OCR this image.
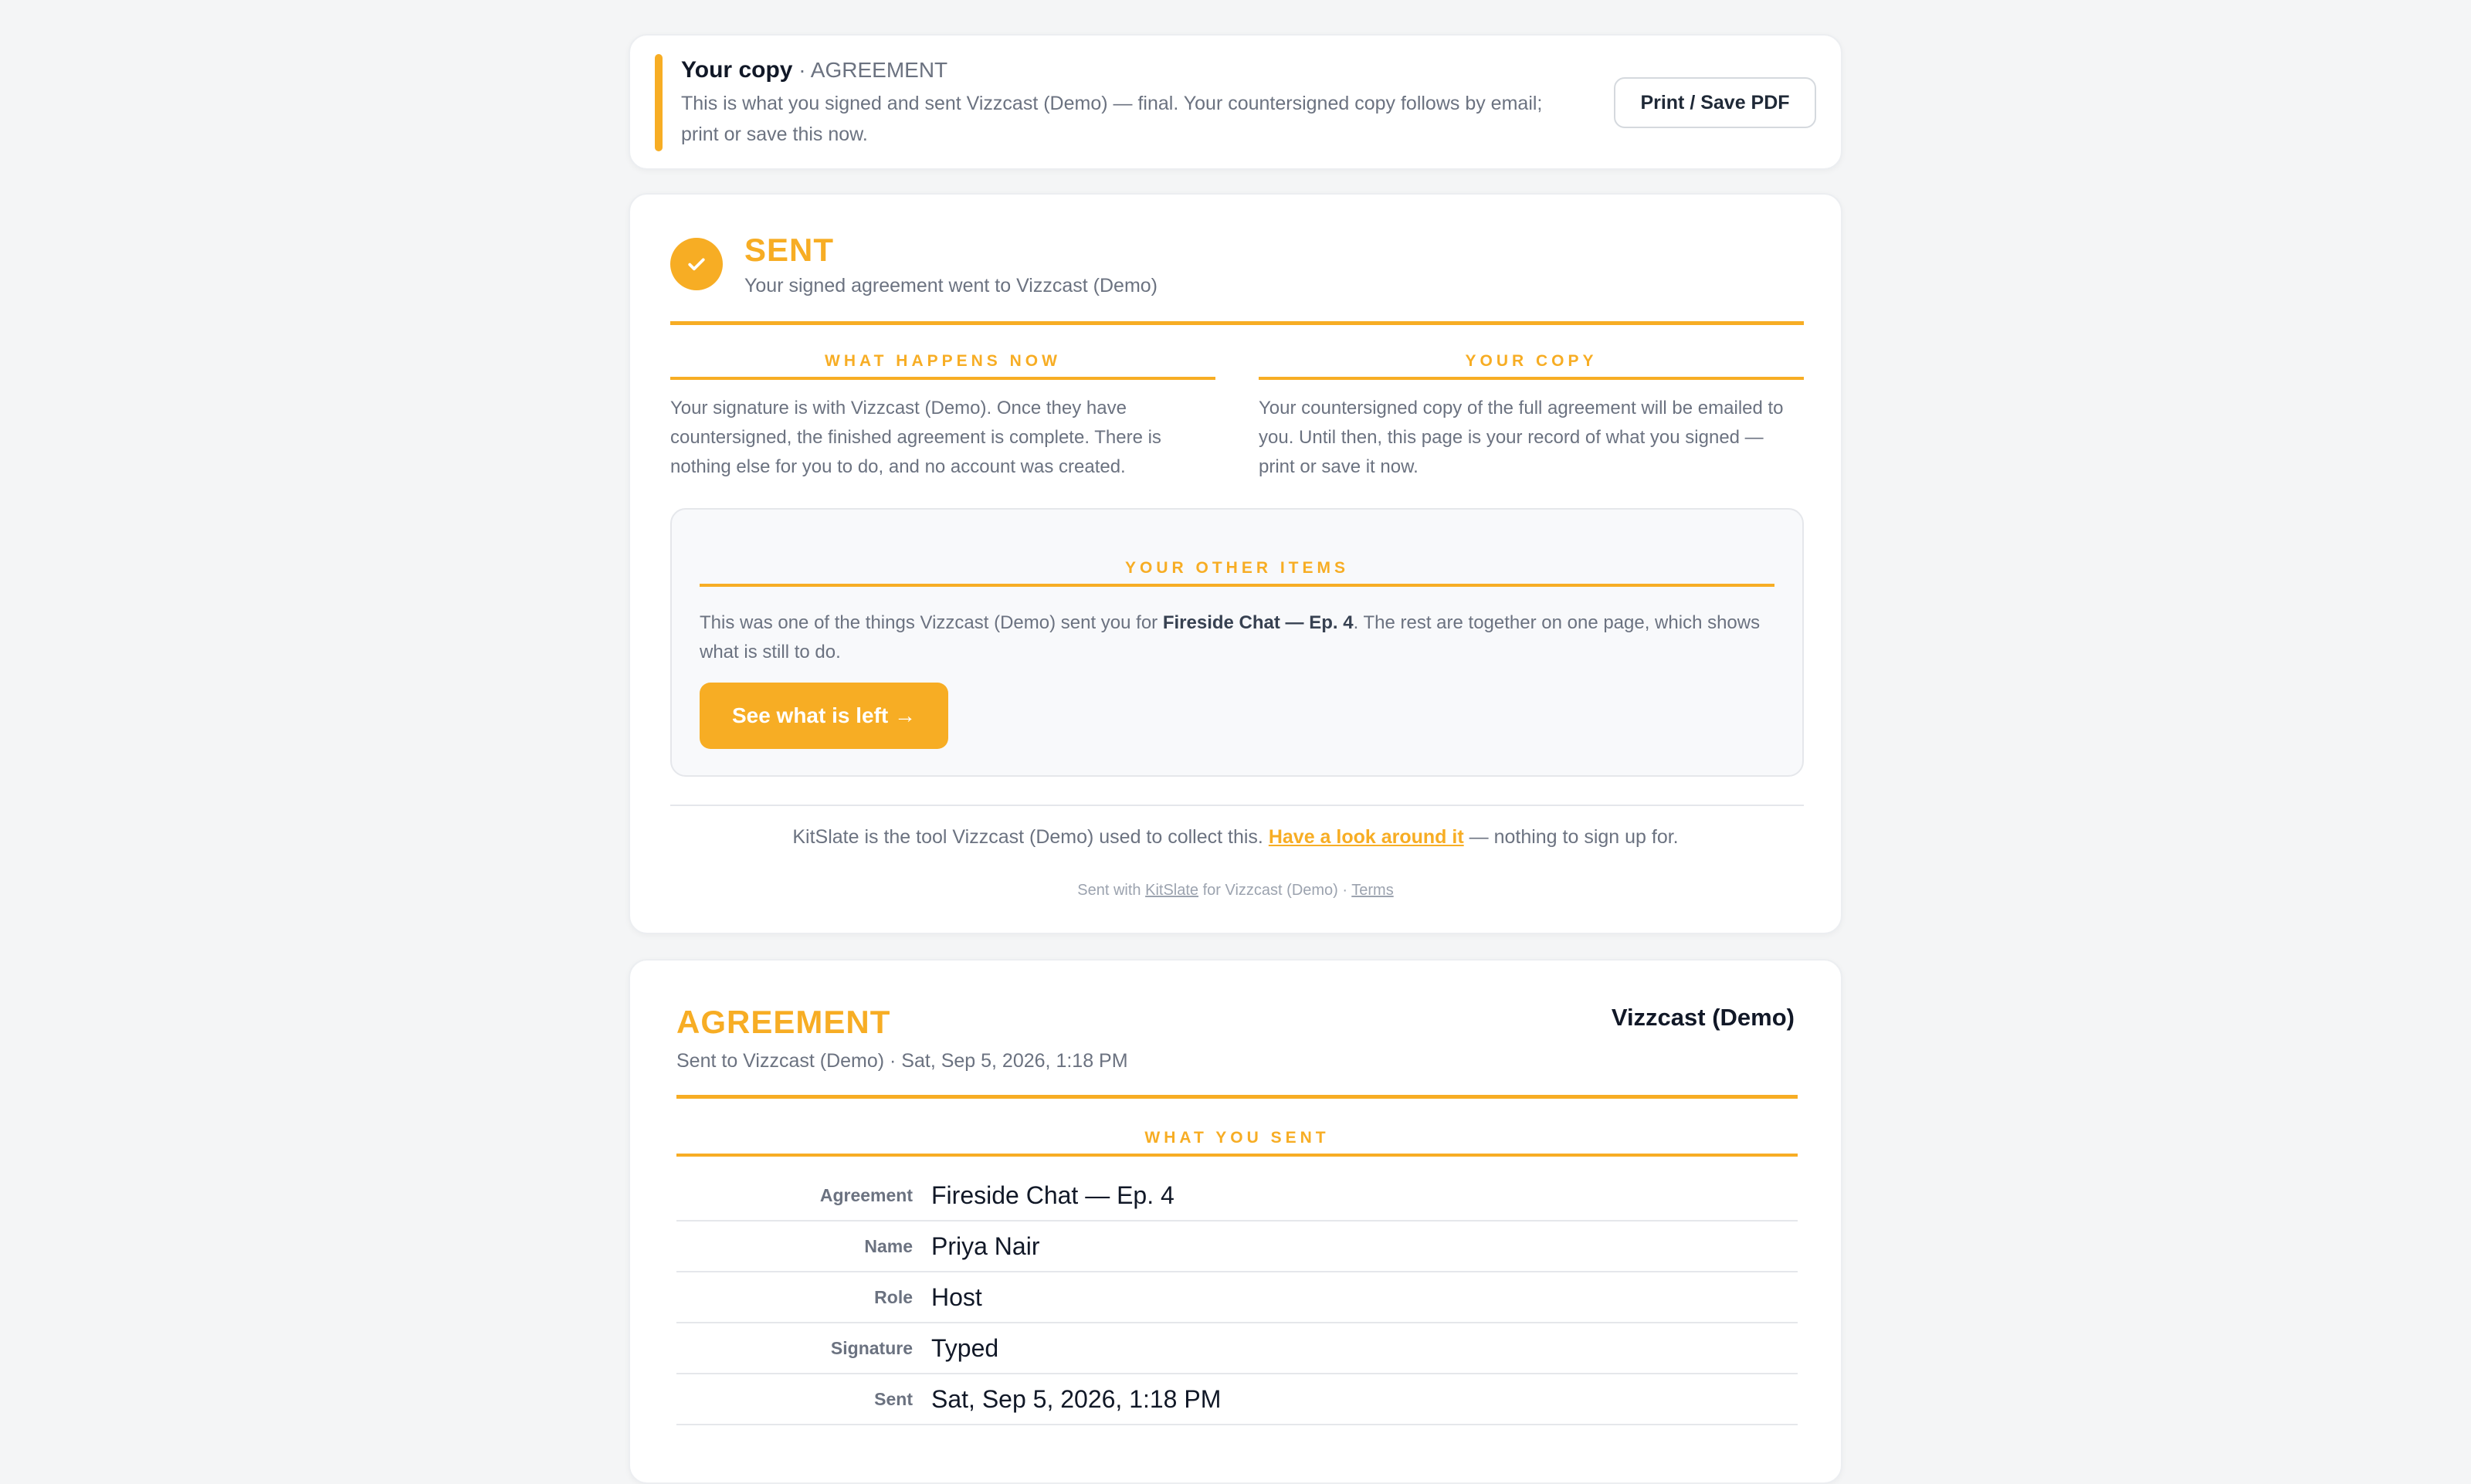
Your copy · AGREEMENT
This is what you signed and sent Vizzcast (Demo) — final. Your countersigned copy follows by email; print or save this now.
Print / Save PDF
SENT
Your signed agreement went to Vizzcast (Demo)
WHAT HAPPENS NOW
Your signature is with Vizzcast (Demo). Once they have countersigned, the finished agreement is complete. There is nothing else for you to do, and no account was created.
YOUR COPY
Your countersigned copy of the full agreement will be emailed to you. Until then, this page is your record of what you signed — print or save it now.
YOUR OTHER ITEMS
This was one of the things Vizzcast (Demo) sent you for Fireside Chat — Ep. 4. The rest are together on one page, which shows what is still to do.
See what is left →
KitSlate is the tool Vizzcast (Demo) used to collect this. Have a look around it — nothing to sign up for.
Sent with KitSlate for Vizzcast (Demo) · Terms
AGREEMENT
Sent to Vizzcast (Demo) · Sat, Sep 5, 2026, 1:18 PM
Vizzcast (Demo)
WHAT YOU SENT
Agreement Fireside Chat — Ep. 4
Name Priya Nair
Role Host
Signature Typed
Sent Sat, Sep 5, 2026, 1:18 PM
